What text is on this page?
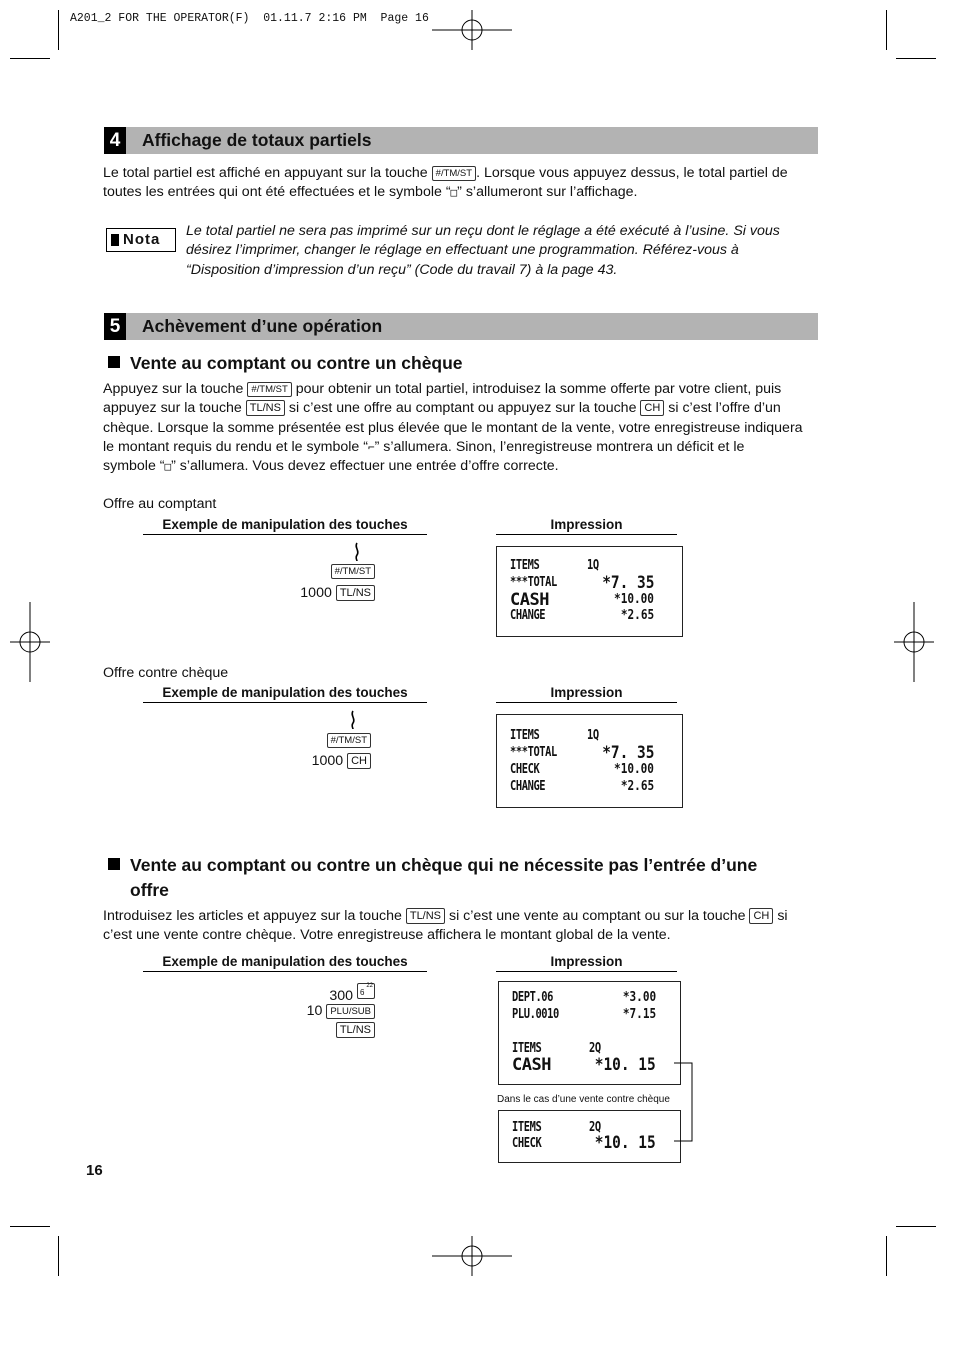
A201_2 FOR THE OPERATOR(F)  01.11.7 2:16 PM  Page 16
4	Affichage de totaux partiels
Le total partiel est affiché en appuyant sur la touche #/TM/ST . Lorsque vous appuyez dessus, le total partiel de
toutes les entrées qui ont été effectuées et le symbole “□” s’allumeront sur l’affichage.
Nota Le total partiel ne sera pas imprimé sur un reçu dont le réglage a été exécuté à l’usine. Si vous désirez l’imprimer, changer le réglage en effectuant une programmation. Référez-vous à “Disposition d’impression d’un reçu” (Code du travail 7) à la page 43.
5	Achèvement d’une opération
Vente au comptant ou contre un chèque
Appuyez sur la touche #/TM/ST pour obtenir un total partiel, introduisez la somme offerte par votre client, puis
appuyez sur la touche TL/NS si c’est une offre au comptant ou appuyez sur la touche CH si c’est l’offre d’un
chèque. Lorsque la somme présentée est plus élevée que le montant de la vente, votre enregistreuse indiquera
le montant requis du rendu et le symbole “⌐” s’allumera. Sinon, l’enregistreuse montrera un déficit et le
symbole “□” s’allumera. Vous devez effectuer une entrée d’offre correcte.
Offre au comptant
Exemple de manipulation des touches	Impression
#/TM/ST
1000 TL/NS
ITEMS	1Q
***TOTAL	*7. 35
CASH	*10.00
CHANGE	*2.65
Offre contre chèque
Exemple de manipulation des touches	Impression
#/TM/ST
1000 CH
ITEMS	1Q
***TOTAL	*7. 35
CHECK	*10.00
CHANGE	*2.65
Vente au comptant ou contre un chèque qui ne nécessite pas l’entrée d’une
offre
Introduisez les articles et appuyez sur la touche TL/NS si c’est une vente au comptant ou sur la touche CH si
c’est une vente contre chèque. Votre enregistreuse affichera le montant global de la vente.
Exemple de manipulation des touches	Impression
300 6
22
10 PLU/SUB
TL/NS
DEPT.06	*3.00
PLU.0010	*7.15
ITEMS	2Q
CASH	*10. 15
Dans le cas d’une vente contre chèque
ITEMS	2Q
CHECK	*10. 15
16
